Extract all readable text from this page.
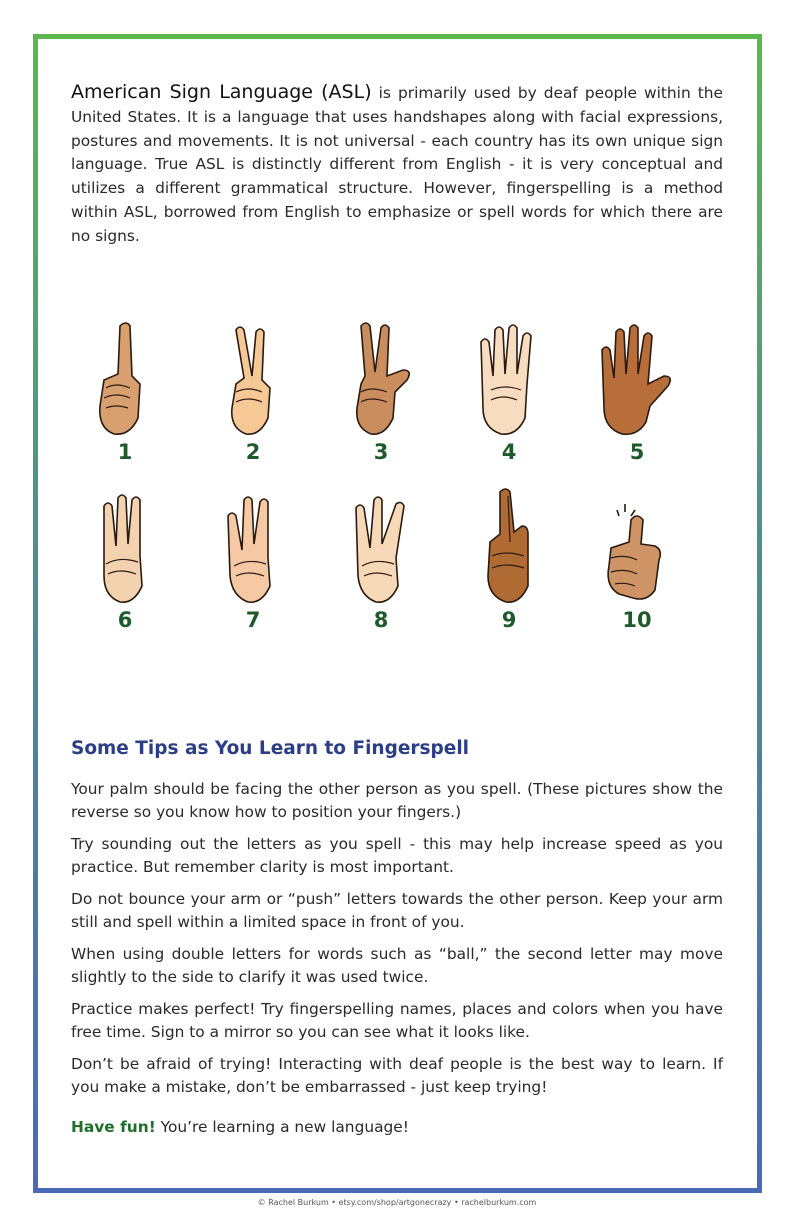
American Sign Language (ASL) is primarily used by deaf people within the United States. It is a language that uses handshapes along with facial expressions, postures and movements. It is not universal - each country has its own unique sign language. True ASL is distinctly different from English - it is very conceptual and utilizes a different grammatical structure. However, fingerspelling is a method within ASL, borrowed from English to emphasize or spell words for which there are no signs.

1	2	3	4	5
6	7	8	9	10
Some Tips as You Learn to Fingerspell

Your palm should be facing the other person as you spell. (These pictures show the reverse so you know how to position your fingers.)

Try sounding out the letters as you spell - this may help increase speed as you practice. But remember clarity is most important.

Do not bounce your arm or “push” letters towards the other person. Keep your arm still and spell within a limited space in front of you.

When using double letters for words such as “ball,” the second letter may move slightly to the side to clarify it was used twice.

Practice makes perfect! Try fingerspelling names, places and colors when you have free time. Sign to a mirror so you can see what it looks like.

Don’t be afraid of trying! Interacting with deaf people is the best way to learn. If you make a mistake, don’t be embarrassed - just keep trying!

Have fun! You’re learning a new language!

© Rachel Burkum • etsy.com/shop/artgonecrazy • rachelburkum.com
